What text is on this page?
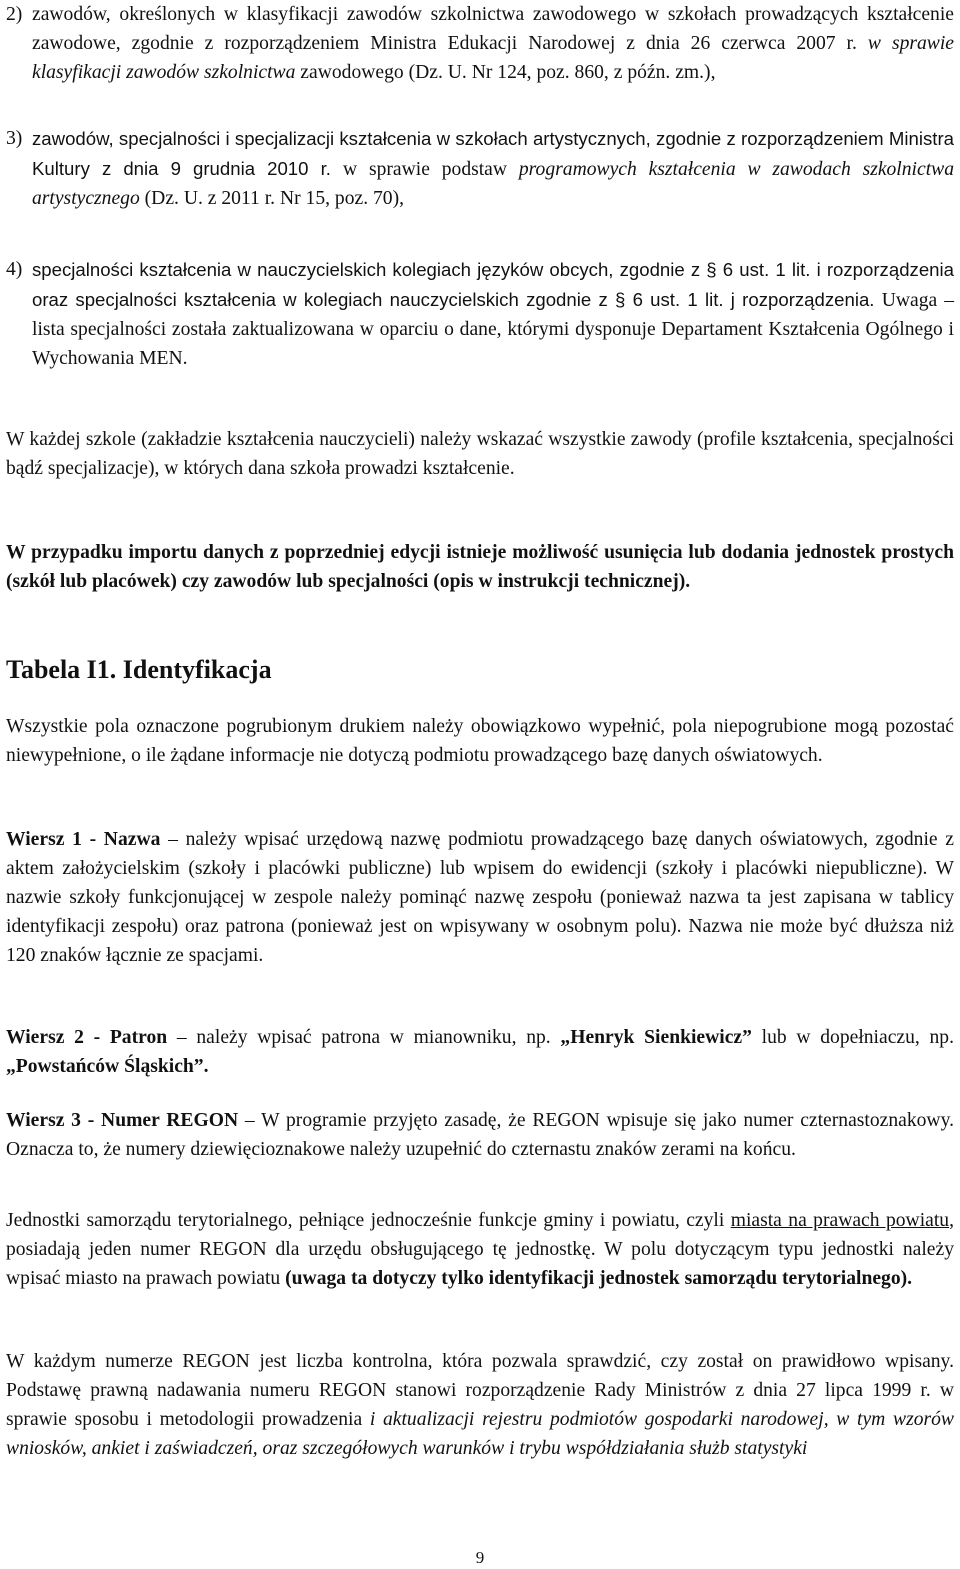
2) zawodów, określonych w klasyfikacji zawodów szkolnictwa zawodowego w szkołach prowadzących kształcenie zawodowe, zgodnie z rozporządzeniem Ministra Edukacji Narodowej z dnia 26 czerwca 2007 r. w sprawie klasyfikacji zawodów szkolnictwa zawodowego (Dz. U. Nr 124, poz. 860, z późn. zm.),
3) zawodów, specjalności i specjalizacji kształcenia w szkołach artystycznych, zgodnie z rozporządzeniem Ministra Kultury z dnia 9 grudnia 2010 r. w sprawie podstaw programowych kształcenia w zawodach szkolnictwa artystycznego (Dz. U. z 2011 r. Nr 15, poz. 70),
4) specjalności kształcenia w nauczycielskich kolegiach języków obcych, zgodnie z § 6 ust. 1 lit. i rozporządzenia oraz specjalności kształcenia w kolegiach nauczycielskich zgodnie z § 6 ust. 1 lit. j rozporządzenia. Uwaga – lista specjalności została zaktualizowana w oparciu o dane, którymi dysponuje Departament Kształcenia Ogólnego i Wychowania MEN.

W każdej szkole (zakładzie kształcenia nauczycieli) należy wskazać wszystkie zawody (profile kształcenia, specjalności bądź specjalizacje), w których dana szkoła prowadzi kształcenie.

W przypadku importu danych z poprzedniej edycji istnieje możliwość usunięcia lub dodania jednostek prostych (szkół lub placówek) czy zawodów lub specjalności (opis w instrukcji technicznej).

Tabela I1. Identyfikacja

Wszystkie pola oznaczone pogrubionym drukiem należy obowiązkowo wypełnić, pola niepogrubione mogą pozostać niewypełnione, o ile żądane informacje nie dotyczą podmiotu prowadzącego bazę danych oświatowych.

Wiersz 1 - Nazwa – należy wpisać urzędową nazwę podmiotu prowadzącego bazę danych oświatowych, zgodnie z aktem założycielskim (szkoły i placówki publiczne) lub wpisem do ewidencji (szkoły i placówki niepubliczne). W nazwie szkoły funkcjonującej w zespole należy pominąć nazwę zespołu (ponieważ nazwa ta jest zapisana w tablicy identyfikacji zespołu) oraz patrona (ponieważ jest on wpisywany w osobnym polu). Nazwa nie może być dłuższa niż 120 znaków łącznie ze spacjami.

Wiersz 2 - Patron – należy wpisać patrona w mianowniku, np. „Henryk Sienkiewicz” lub w dopełniaczu, np. „Powstańców Śląskich”.

Wiersz 3 - Numer REGON – W programie przyjęto zasadę, że REGON wpisuje się jako numer czternastoznakowy. Oznacza to, że numery dziewięcioznakowe należy uzupełnić do czternastu znaków zerami na końcu.

Jednostki samorządu terytorialnego, pełniące jednocześnie funkcje gminy i powiatu, czyli miasta na prawach powiatu, posiadają jeden numer REGON dla urzędu obsługującego tę jednostkę. W polu dotyczącym typu jednostki należy wpisać miasto na prawach powiatu (uwaga ta dotyczy tylko identyfikacji jednostek samorządu terytorialnego).

W każdym numerze REGON jest liczba kontrolna, która pozwala sprawdzić, czy został on prawidłowo wpisany. Podstawę prawną nadawania numeru REGON stanowi rozporządzenie Rady Ministrów z dnia 27 lipca 1999 r. w sprawie sposobu i metodologii prowadzenia i aktualizacji rejestru podmiotów gospodarki narodowej, w tym wzorów wniosków, ankiet i zaświadczeń, oraz szczegółowych warunków i trybu współdziałania służb statystyki

9
